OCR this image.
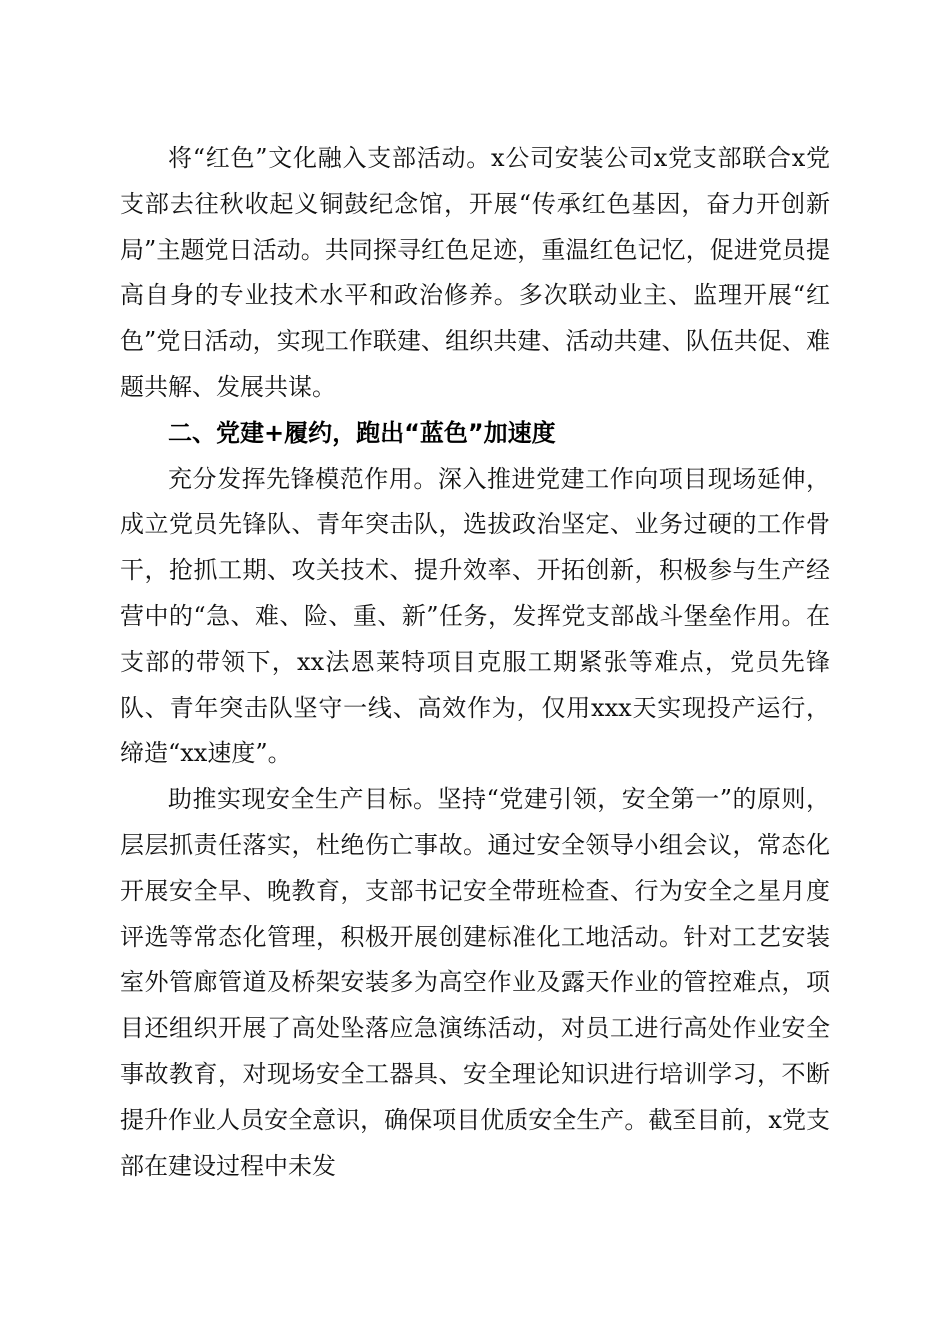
将“红色”文化融入支部活动。x公司安装公司x党支部联合x党支部去往秋收起义铜鼓纪念馆，开展“传承红色基因，奋力开创新局”主题党日活动。共同探寻红色足迹，重温红色记忆，促进党员提高自身的专业技术水平和政治修养。多次联动业主、监理开展“红色”党日活动，实现工作联建、组织共建、活动共建、队伍共促、难题共解、发展共谋。

二、党建+履约，跑出“蓝色”加速度

充分发挥先锋模范作用。深入推进党建工作向项目现场延伸，成立党员先锋队、青年突击队，选拔政治坚定、业务过硬的工作骨干，抢抓工期、攻关技术、提升效率、开拓创新，积极参与生产经营中的“急、难、险、重、新”任务，发挥党支部战斗堡垒作用。在支部的带领下，xx法恩莱特项目克服工期紧张等难点，党员先锋队、青年突击队坚守一线、高效作为，仅用xxx天实现投产运行，缔造“xx速度”。

助推实现安全生产目标。坚持“党建引领，安全第一”的原则，层层抓责任落实，杜绝伤亡事故。通过安全领导小组会议，常态化开展安全早、晚教育，支部书记安全带班检查、行为安全之星月度评选等常态化管理，积极开展创建标准化工地活动。针对工艺安装室外管廊管道及桥架安装多为高空作业及露天作业的管控难点，项目还组织开展了高处坠落应急演练活动，对员工进行高处作业安全事故教育，对现场安全工器具、安全理论知识进行培训学习，不断提升作业人员安全意识，确保项目优质安全生产。截至目前，x党支部在建设过程中未发
